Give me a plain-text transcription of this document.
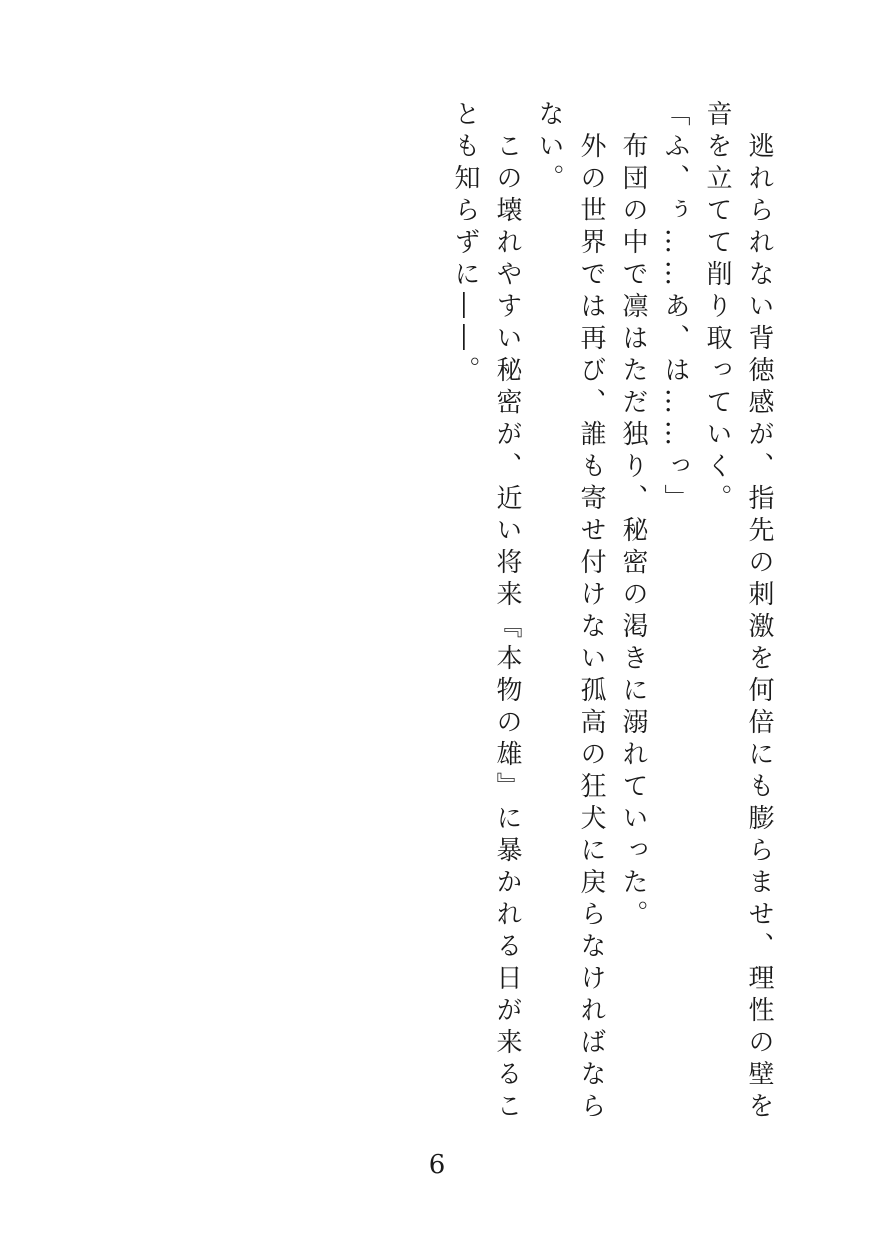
　逃れられない背徳感が、指先の刺激を何倍にも膨らませ、理性の壁を音を立てて削り取っていく。

「ふ、ぅ……あ、は……っ」

　布団の中で凛はただ独り、秘密の渇きに溺れていった。

　外の世界では再び、誰も寄せ付けない孤高の狂犬に戻らなければならない。

　この壊れやすい秘密が、近い将来『本物の雄』に暴かれる日が来ることも知らずに――。

6
